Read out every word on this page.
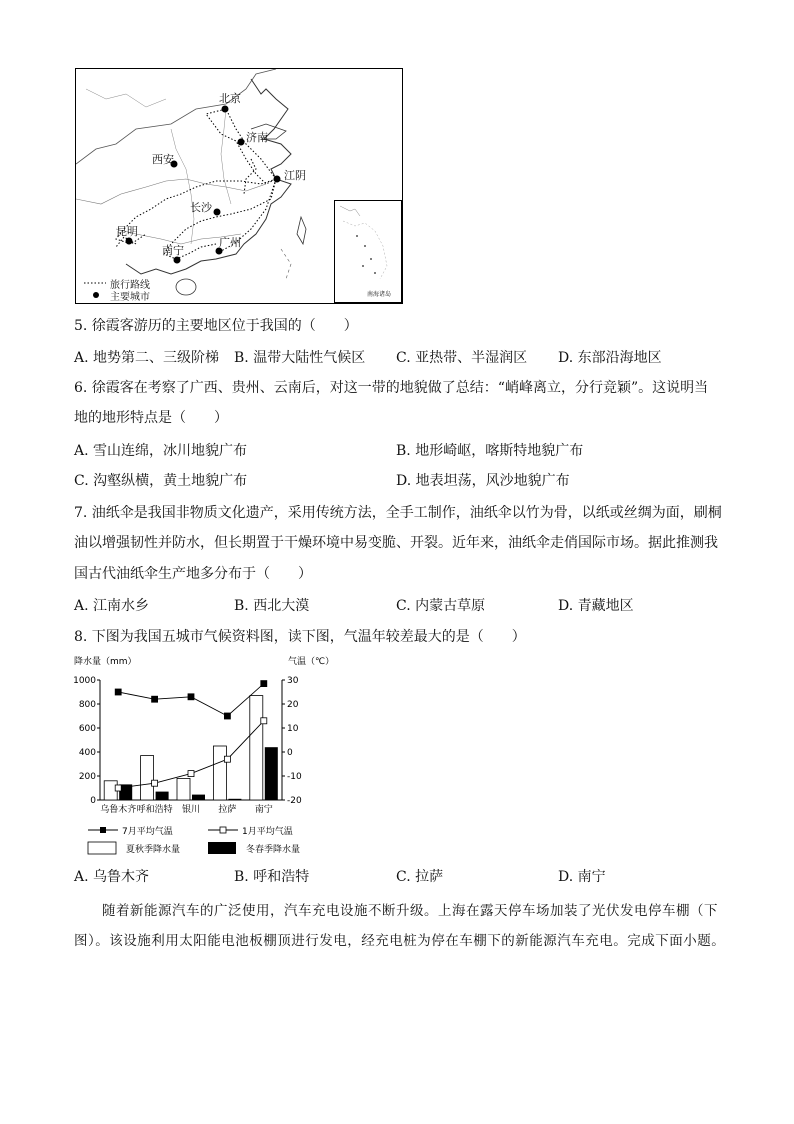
北京
济南
西安
江阴
长沙
昆明
南宁
广州
旅行路线
主要城市	南海诸岛
5. 徐霞客游历的主要地区位于我国的（　　）
A. 地势第二、三级阶梯 B. 温带大陆性气候区 C. 亚热带、半湿润区 D. 东部沿海地区
6. 徐霞客在考察了广西、贵州、云南后，对这一带的地貌做了总结：“峭峰离立，分行竞颖”。这说明当
地的地形特点是（　　）
A. 雪山连绵，冰川地貌广布	B. 地形崎岖，喀斯特地貌广布
C. 沟壑纵横，黄土地貌广布	D. 地表坦荡，风沙地貌广布
7. 油纸伞是我国非物质文化遗产，采用传统方法，全手工制作，油纸伞以竹为骨，以纸或丝绸为面，刷桐
油以增强韧性并防水，但长期置于干燥环境中易变脆、开裂。近年来，油纸伞走俏国际市场。据此推测我
国古代油纸伞生产地多分布于（　　）
A. 江南水乡	B. 西北大漠	C. 内蒙古草原	D. 青藏地区
8. 下图为我国五城市气候资料图，读下图，气温年较差最大的是（　　）
降水量（mm）	气温（℃）
1000
800
600
400
200
0
30
20
10
0
-10
-20
乌鲁木齐 呼和浩特 银川 拉萨 南宁
7月平均气温	1月平均气温
夏秋季降水量	冬春季降水量
A. 乌鲁木齐	B. 呼和浩特	C. 拉萨	D. 南宁
随着新能源汽车的广泛使用，汽车充电设施不断升级。上海在露天停车场加装了光伏发电停车棚（下
图）。该设施利用太阳能电池板棚顶进行发电，经充电桩为停在车棚下的新能源汽车充电。完成下面小题。
